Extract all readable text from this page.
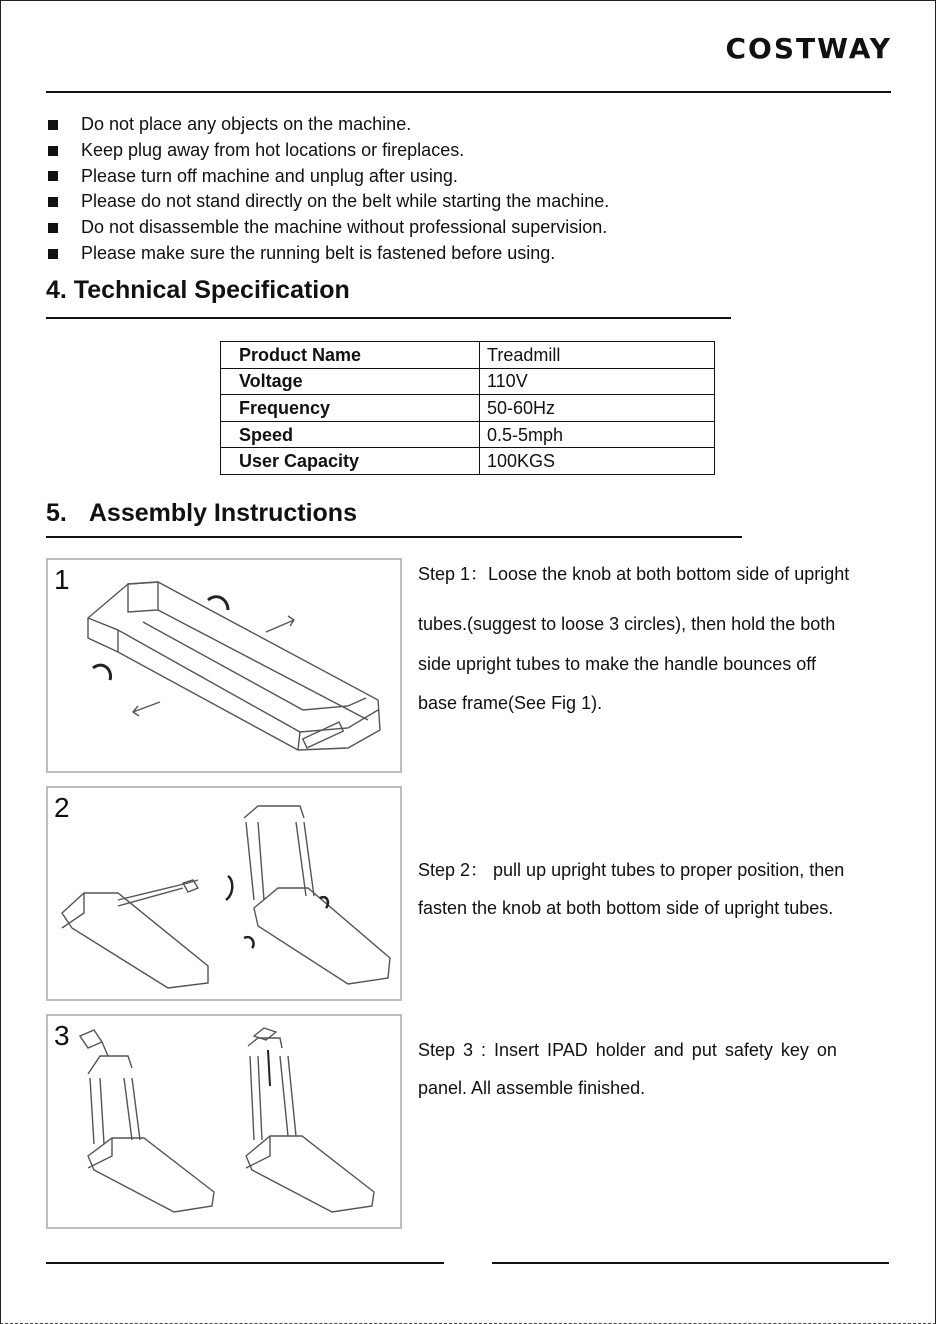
COSTWAY
Do not place any objects on the machine.
Keep plug away from hot locations or fireplaces.
Please turn off machine and unplug after using.
Please do not stand directly on the belt while starting the machine.
Do not disassemble the machine without professional supervision.
Please make sure the running belt is fastened before using.
4. Technical Specification
Product Name	Treadmill
Voltage	110V
Frequency	50-60Hz
Speed	0.5-5mph
User Capacity	100KGS
5. Assembly Instructions
1
2
3

Step 1：Loose the knob at both bottom side of upright

tubes.(suggest to loose 3 circles), then hold the both

side upright tubes to make the handle bounces off

base frame(See Fig 1).

Step 2： pull up upright tubes to proper position, then

fasten the knob at both bottom side of upright tubes.

Step 3 : Insert IPAD holder and put safety key on

panel. All assemble finished.
